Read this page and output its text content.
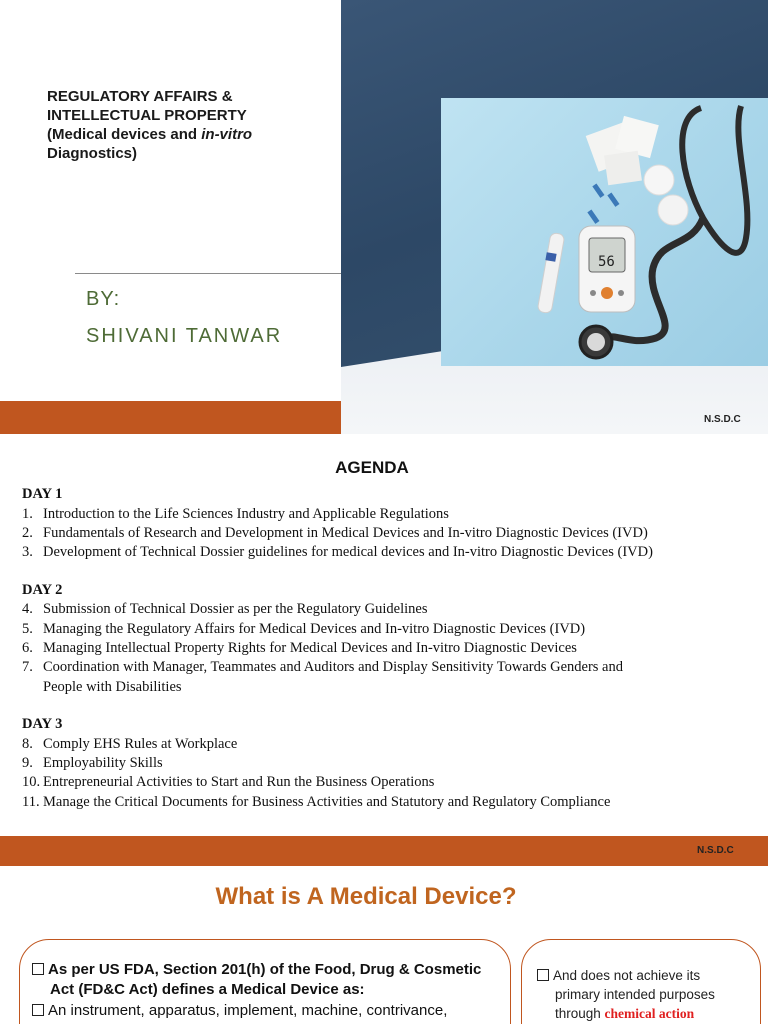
56
REGULATORY AFFAIRS &
INTELLECTUAL PROPERTY
(Medical devices and in-vitro
Diagnostics)
BY:
SHIVANI TANWAR
N.S.D.C
AGENDA
DAY 1
1. Introduction to the Life Sciences Industry and Applicable Regulations
2. Fundamentals of Research and Development in Medical Devices and In-vitro Diagnostic Devices (IVD)
3. Development of Technical Dossier guidelines for medical devices and In-vitro Diagnostic Devices (IVD)
DAY 2
4. Submission of Technical Dossier as per the Regulatory Guidelines
5. Managing the Regulatory Affairs for Medical Devices and In-vitro Diagnostic Devices (IVD)
6. Managing Intellectual Property Rights for Medical Devices and In-vitro Diagnostic Devices
7. Coordination with Manager, Teammates and Auditors and Display Sensitivity Towards Genders and
People with Disabilities
DAY 3
8. Comply EHS Rules at Workplace
9. Employability Skills
10. Entrepreneurial Activities to Start and Run the Business Operations
11. Manage the Critical Documents for Business Activities and Statutory and Regulatory Compliance
N.S.D.C
What is A Medical Device?
As per US FDA, Section 201(h) of the Food, Drug & Cosmetic
Act (FD&C Act) defines a Medical Device as:
An instrument, apparatus, implement, machine, contrivance,
And does not achieve its
primary intended purposes
through chemical action
